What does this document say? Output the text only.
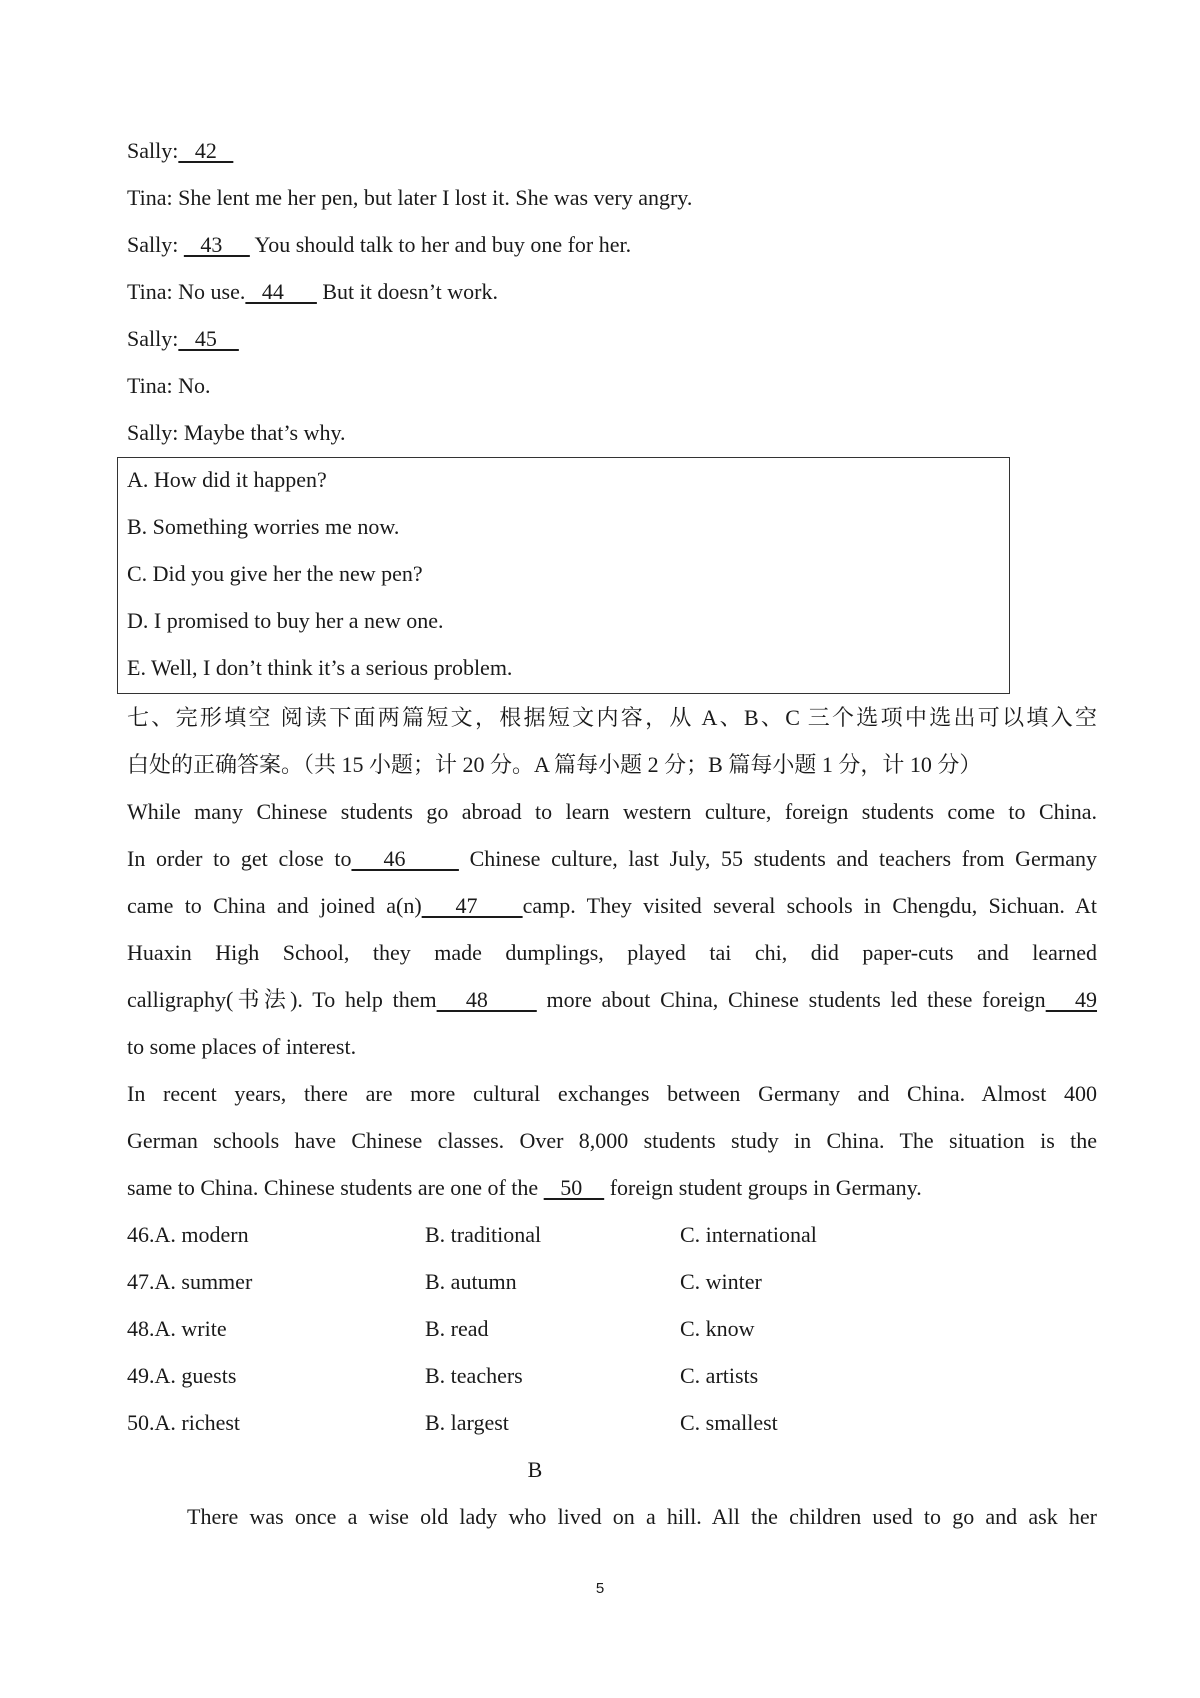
Sally:   42
Tina: She lent me her pen, but later I lost it. She was very angry.
Sally:    43      You should talk to her and buy one for her.
Tina: No use.   44       But it doesn’t work.
Sally:   45
Tina: No.
Sally: Maybe that’s why.
A. How did it happen?
B. Something worries me now.
C. Did you give her the new pen?
D. I promised to buy her a new one.
E. Well, I don’t think it’s a serious problem.
七、完形填空 阅读下面两篇短文，根据短文内容，从 A、B、C 三个选项中选出可以填入空
白处的正确答案。（共 15 小题；计 20 分。A 篇每小题 2 分；B 篇每小题 1 分，计 10 分）
While many Chinese students go abroad to learn western culture, foreign students come to China.
In order to get close to   46      Chinese culture, last July, 55 students and teachers from Germany
came to China and joined a(n)   47    camp. They visited several schools in Chengdu, Sichuan. At
Huaxin High School, they made dumplings, played tai chi, did paper-cuts and learned
calligraphy(书法). To help them   48      more about China, Chinese students led these foreign   49
to some places of interest.
In recent years, there are more cultural exchanges between Germany and China. Almost 400
German schools have Chinese classes. Over 8,000 students study in China. The situation is the
same to China. Chinese students are one of the    50     foreign student groups in Germany.
46.A. modern	B. traditional	C. international
47.A. summer	B. autumn	C. winter
48.A. write	B. read	C. know
49.A. guests	B. teachers	C. artists
50.A. richest	B. largest	C. smallest
B
There was once a wise old lady who lived on a hill. All the children used to go and ask her
5
